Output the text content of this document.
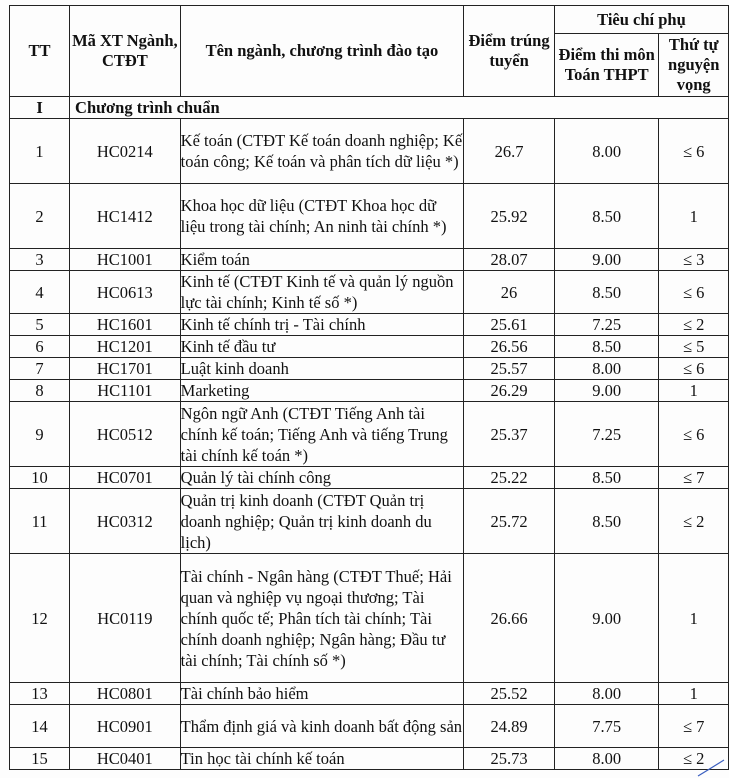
TT	Mã XT Ngành, CTĐT	Tên ngành, chương trình đào tạo	Điểm trúng tuyển	Tiêu chí phụ	
				Điểm thi môn Toán THPT	Thứ tự nguyện vọng
I	Chương trình chuẩn				
1	HC0214	Kế toán (CTĐT Kế toán doanh nghiệp; Kế toán công; Kế toán và phân tích dữ liệu *)	26.7	8.00	≤ 6
2	HC1412	Khoa học dữ liệu (CTĐT Khoa học dữ liệu trong tài chính; An ninh tài chính *)	25.92	8.50	1
3	HC1001	Kiểm toán	28.07	9.00	≤ 3
4	HC0613	Kinh tế (CTĐT Kinh tế và quản lý nguồn lực tài chính; Kinh tế số *)	26	8.50	≤ 6
5	HC1601	Kinh tế chính trị - Tài chính	25.61	7.25	≤ 2
6	HC1201	Kinh tế đầu tư	26.56	8.50	≤ 5
7	HC1701	Luật kinh doanh	25.57	8.00	≤ 6
8	HC1101	Marketing	26.29	9.00	1
9	HC0512	Ngôn ngữ Anh (CTĐT Tiếng Anh tài chính kế toán; Tiếng Anh và tiếng Trung tài chính kế toán *)	25.37	7.25	≤ 6
10	HC0701	Quản lý tài chính công	25.22	8.50	≤ 7
11	HC0312	Quản trị kinh doanh (CTĐT Quản trị doanh nghiệp; Quản trị kinh doanh du lịch)	25.72	8.50	≤ 2
12	HC0119	Tài chính - Ngân hàng (CTĐT Thuế; Hải quan và nghiệp vụ ngoại thương; Tài chính quốc tế; Phân tích tài chính; Tài chính doanh nghiệp; Ngân hàng; Đầu tư tài chính; Tài chính số *)	26.66	9.00	1
13	HC0801	Tài chính bảo hiểm	25.52	8.00	1
14	HC0901	Thẩm định giá và kinh doanh bất động sản	24.89	7.75	≤ 7
15	HC0401	Tin học tài chính kế toán	25.73	8.00	≤ 2
